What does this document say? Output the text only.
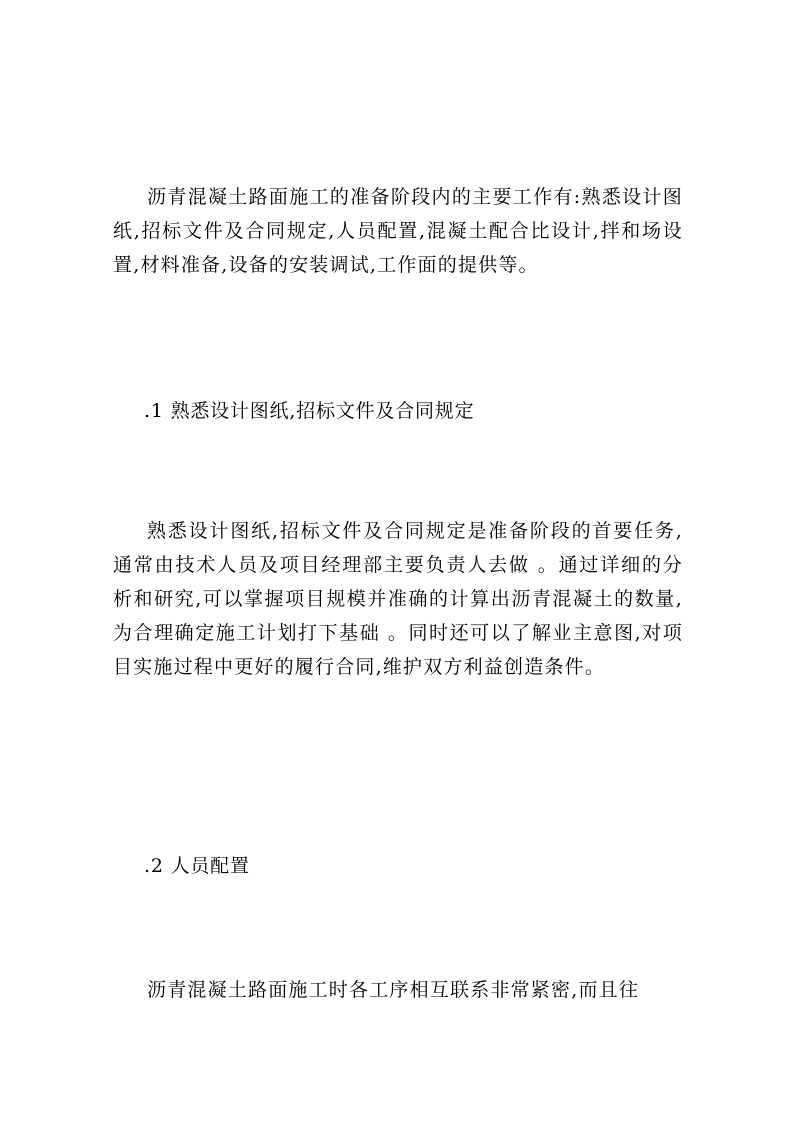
沥青混凝土路面施工的准备阶段内的主要工作有:熟悉设计图纸,招标文件及合同规定,人员配置,混凝土配合比设计,拌和场设置,材料准备,设备的安装调试,工作面的提供等。

.1 熟悉设计图纸,招标文件及合同规定

熟悉设计图纸,招标文件及合同规定是准备阶段的首要任务,通常由技术人员及项目经理部主要负责人去做 。通过详细的分析和研究,可以掌握项目规模并准确的计算出沥青混凝土的数量,为合理确定施工计划打下基础 。同时还可以了解业主意图,对项目实施过程中更好的履行合同,维护双方利益创造条件。

.2 人员配置

沥青混凝土路面施工时各工序相互联系非常紧密,而且往
